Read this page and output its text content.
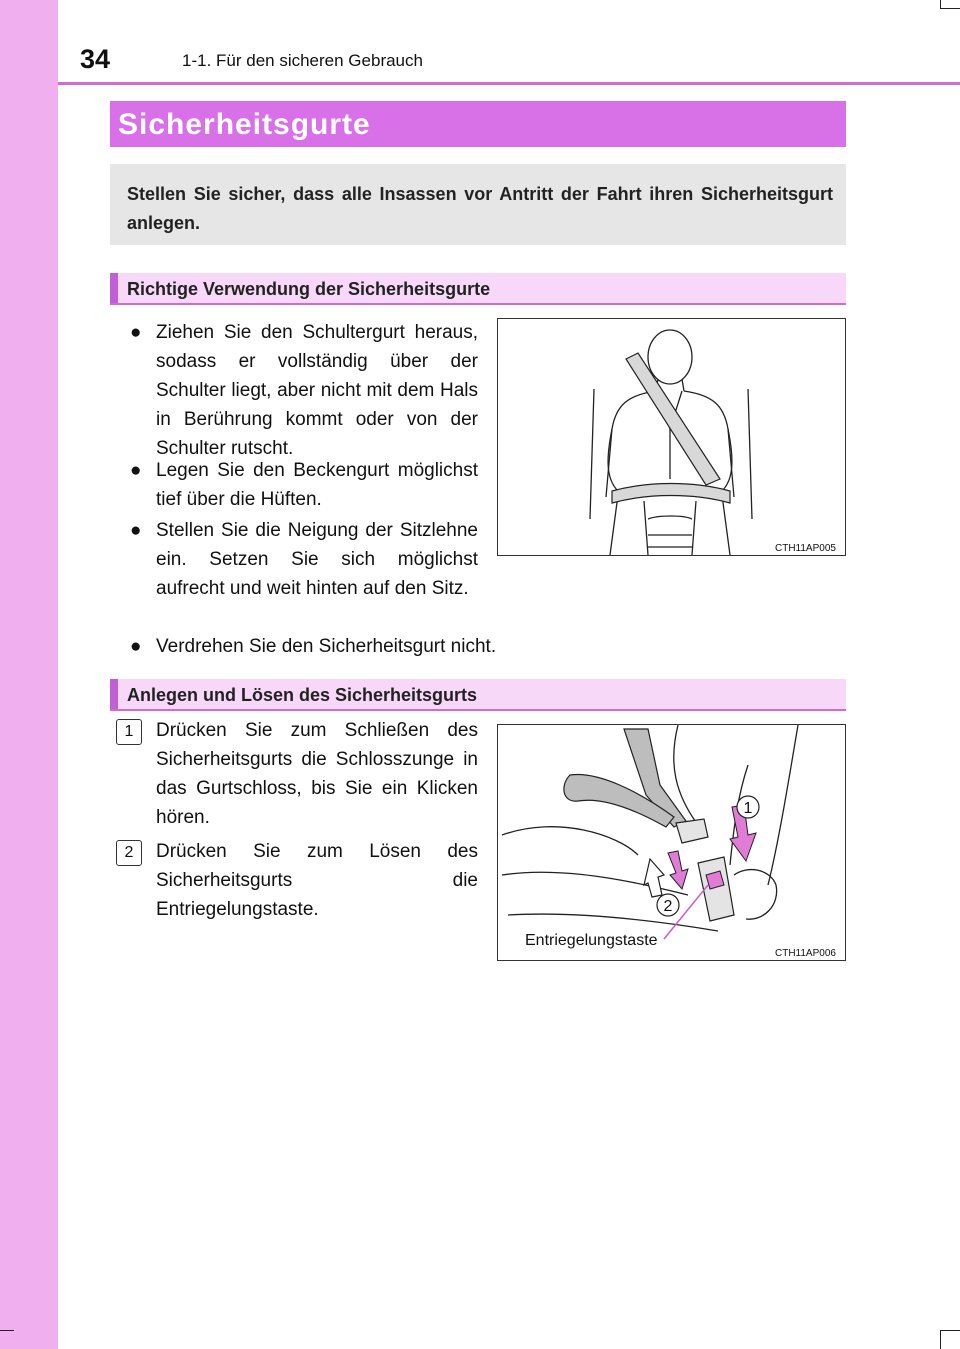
34	1-1. Für den sicheren Gebrauch
Sicherheitsgurte
Stellen Sie sicher, dass alle Insassen vor Antritt der Fahrt ihren Sicherheitsgurt anlegen.
Richtige Verwendung der Sicherheitsgurte
● Ziehen Sie den Schultergurt heraus, sodass er vollständig über der Schulter liegt, aber nicht mit dem Hals in Berührung kommt oder von der Schulter rutscht.
● Legen Sie den Beckengurt möglichst tief über die Hüften.
● Stellen Sie die Neigung der Sitzlehne ein. Setzen Sie sich möglichst aufrecht und weit hinten auf den Sitz.
● Verdrehen Sie den Sicherheitsgurt nicht.
CTH11AP005
Anlegen und Lösen des Sicherheitsgurts
1	Drücken Sie zum Schließen des Sicherheitsgurts die Schlosszunge in das Gurtschloss, bis Sie ein Klicken hören.
2	Drücken Sie zum Lösen des Sicherheitsgurts die Entriegelungstaste.
1
2
Entriegelungstaste
CTH11AP006
